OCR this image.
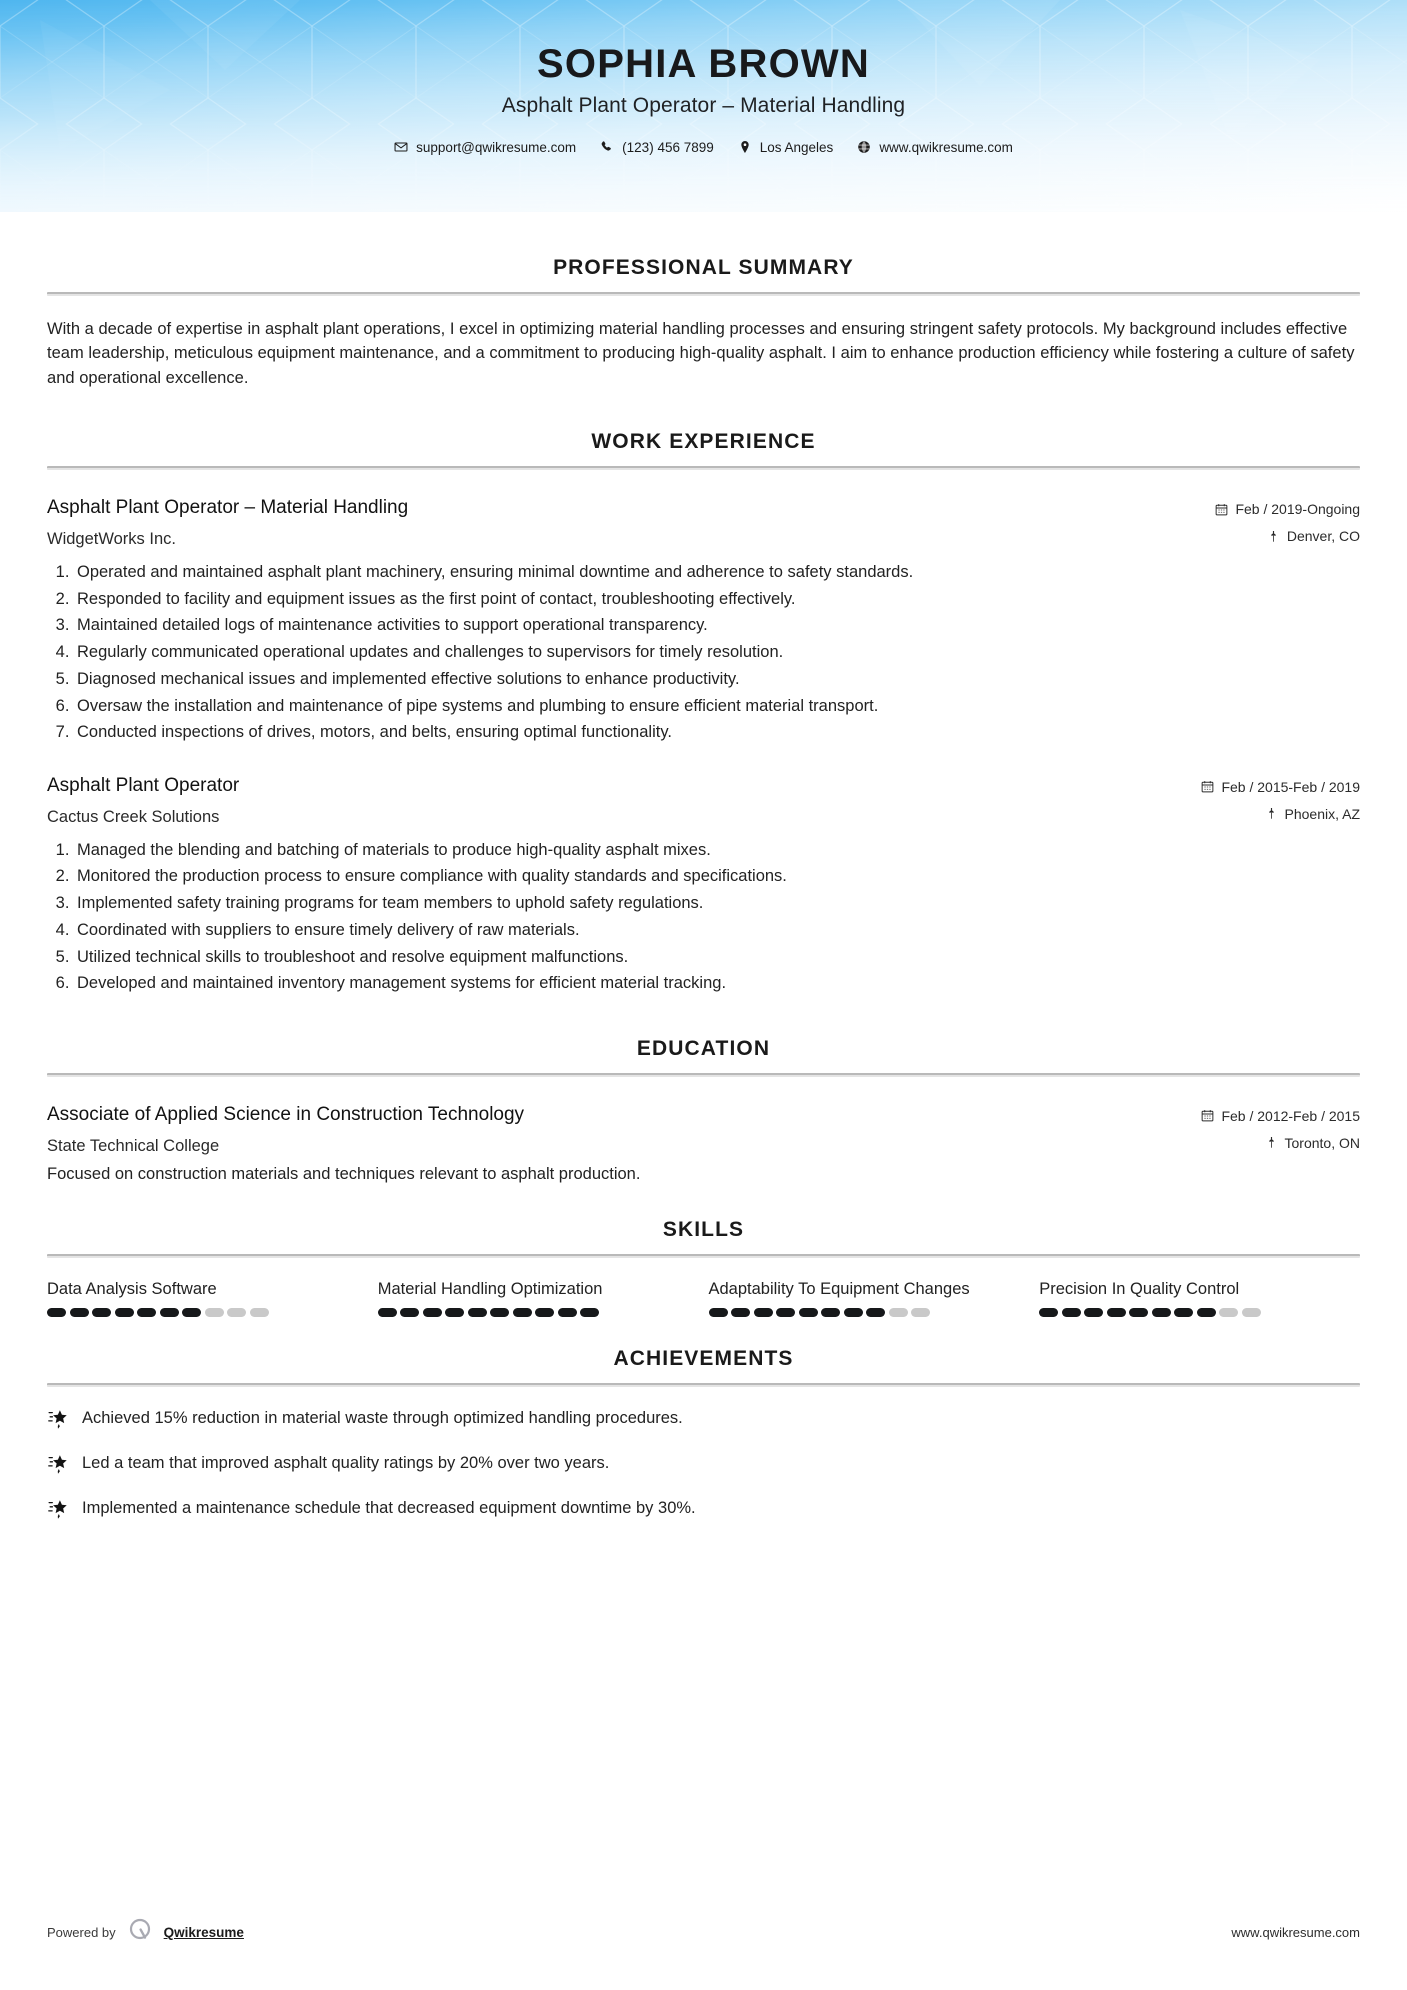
SOPHIA BROWN
Asphalt Plant Operator – Material Handling
support@qwikresume.com	(123) 456 7899	Los Angeles	www.qwikresume.com
PROFESSIONAL SUMMARY

With a decade of expertise in asphalt plant operations, I excel in optimizing material handling processes and ensuring stringent safety protocols. My background includes effective team leadership, meticulous equipment maintenance, and a commitment to producing high-quality asphalt. I aim to enhance production efficiency while fostering a culture of safety and operational excellence.

WORK EXPERIENCE
Asphalt Plant Operator – Material Handling
WidgetWorks Inc.
Feb / 2019-Ongoing
Denver, CO
1. Operated and maintained asphalt plant machinery, ensuring minimal downtime and adherence to safety standards.
2. Responded to facility and equipment issues as the first point of contact, troubleshooting effectively.
3. Maintained detailed logs of maintenance activities to support operational transparency.
4. Regularly communicated operational updates and challenges to supervisors for timely resolution.
5. Diagnosed mechanical issues and implemented effective solutions to enhance productivity.
6. Oversaw the installation and maintenance of pipe systems and plumbing to ensure efficient material transport.
7. Conducted inspections of drives, motors, and belts, ensuring optimal functionality.
Asphalt Plant Operator
Cactus Creek Solutions
Feb / 2015-Feb / 2019
Phoenix, AZ
1. Managed the blending and batching of materials to produce high-quality asphalt mixes.
2. Monitored the production process to ensure compliance with quality standards and specifications.
3. Implemented safety training programs for team members to uphold safety regulations.
4. Coordinated with suppliers to ensure timely delivery of raw materials.
5. Utilized technical skills to troubleshoot and resolve equipment malfunctions.
6. Developed and maintained inventory management systems for efficient material tracking.
EDUCATION
Associate of Applied Science in Construction Technology
State Technical College
Feb / 2012-Feb / 2015
Toronto, ON
Focused on construction materials and techniques relevant to asphalt production.
SKILLS
Data Analysis Software	Material Handling Optimization	Adaptability To Equipment Changes	Precision In Quality Control
ACHIEVEMENTS
Achieved 15% reduction in material waste through optimized handling procedures.
Led a team that improved asphalt quality ratings by 20% over two years.
Implemented a maintenance schedule that decreased equipment downtime by 30%.
Powered by	Qwikresume	www.qwikresume.com
